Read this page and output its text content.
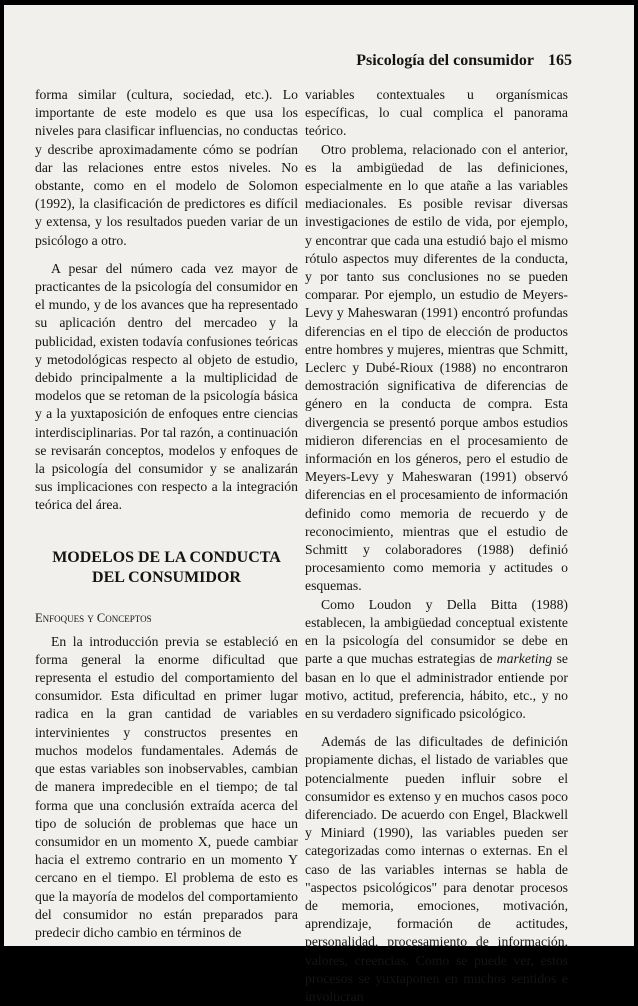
Psicología del consumidor 165

forma similar (cultura, sociedad, etc.). Lo importante de este modelo es que usa los niveles para clasificar influencias, no conductas y describe aproximadamente cómo se podrían dar las relaciones entre estos niveles. No obstante, como en el modelo de Solomon (1992), la clasificación de predictores es difícil y extensa, y los resultados pueden variar de un psicólogo a otro.

A pesar del número cada vez mayor de practicantes de la psicología del consumidor en el mundo, y de los avances que ha representado su aplicación dentro del mercadeo y la publicidad, existen todavía confusiones teóricas y metodológicas respecto al objeto de estudio, debido principalmente a la multiplicidad de modelos que se retoman de la psicología básica y a la yuxtaposición de enfoques entre ciencias interdisciplinarias. Por tal razón, a continuación se revisarán conceptos, modelos y enfoques de la psicología del consumidor y se analizarán sus implicaciones con respecto a la integración teórica del área.

MODELOS DE LA CONDUCTA
DEL CONSUMIDOR
Enfoques y Conceptos

En la introducción previa se estableció en forma general la enorme dificultad que representa el estudio del comportamiento del consumidor. Esta dificultad en primer lugar radica en la gran cantidad de variables intervinientes y constructos presentes en muchos modelos fundamentales. Además de que estas variables son inobservables, cambian de manera impredecible en el tiempo; de tal forma que una conclusión extraída acerca del tipo de solución de problemas que hace un consumidor en un momento X, puede cambiar hacia el extremo contrario en un momento Y cercano en el tiempo. El problema de esto es que la mayoría de modelos del comportamiento del consumidor no están preparados para predecir dicho cambio en términos de

variables contextuales u organísmicas específicas, lo cual complica el panorama teórico.

Otro problema, relacionado con el anterior, es la ambigüedad de las definiciones, especialmente en lo que atañe a las variables mediacionales. Es posible revisar diversas investigaciones de estilo de vida, por ejemplo, y encontrar que cada una estudió bajo el mismo rótulo aspectos muy diferentes de la conducta, y por tanto sus conclusiones no se pueden comparar. Por ejemplo, un estudio de Meyers-Levy y Maheswaran (1991) encontró profundas diferencias en el tipo de elección de productos entre hombres y mujeres, mientras que Schmitt, Leclerc y Dubé-Rioux (1988) no encontraron demostración significativa de diferencias de género en la conducta de compra. Esta divergencia se presentó porque ambos estudios midieron diferencias en el procesamiento de información en los géneros, pero el estudio de Meyers-Levy y Maheswaran (1991) observó diferencias en el procesamiento de información definido como memoria de recuerdo y de reconocimiento, mientras que el estudio de Schmitt y colaboradores (1988) definió procesamiento como memoria y actitudes o esquemas.

Como Loudon y Della Bitta (1988) establecen, la ambigüedad conceptual existente en la psicología del consumidor se debe en parte a que muchas estrategias de marketing se basan en lo que el administrador entiende por motivo, actitud, preferencia, hábito, etc., y no en su verdadero significado psicológico.

Además de las dificultades de definición propiamente dichas, el listado de variables que potencialmente pueden influir sobre el consumidor es extenso y en muchos casos poco diferenciado. De acuerdo con Engel, Blackwell y Miniard (1990), las variables pueden ser categorizadas como internas o externas. En el caso de las variables internas se habla de "aspectos psicológicos" para denotar procesos de memoria, emociones, motivación, aprendizaje, formación de actitudes, personalidad, procesamiento de información, valores, creencias. Como se puede ver, estos procesos se yuxtaponen en muchos sentidos e involucran
